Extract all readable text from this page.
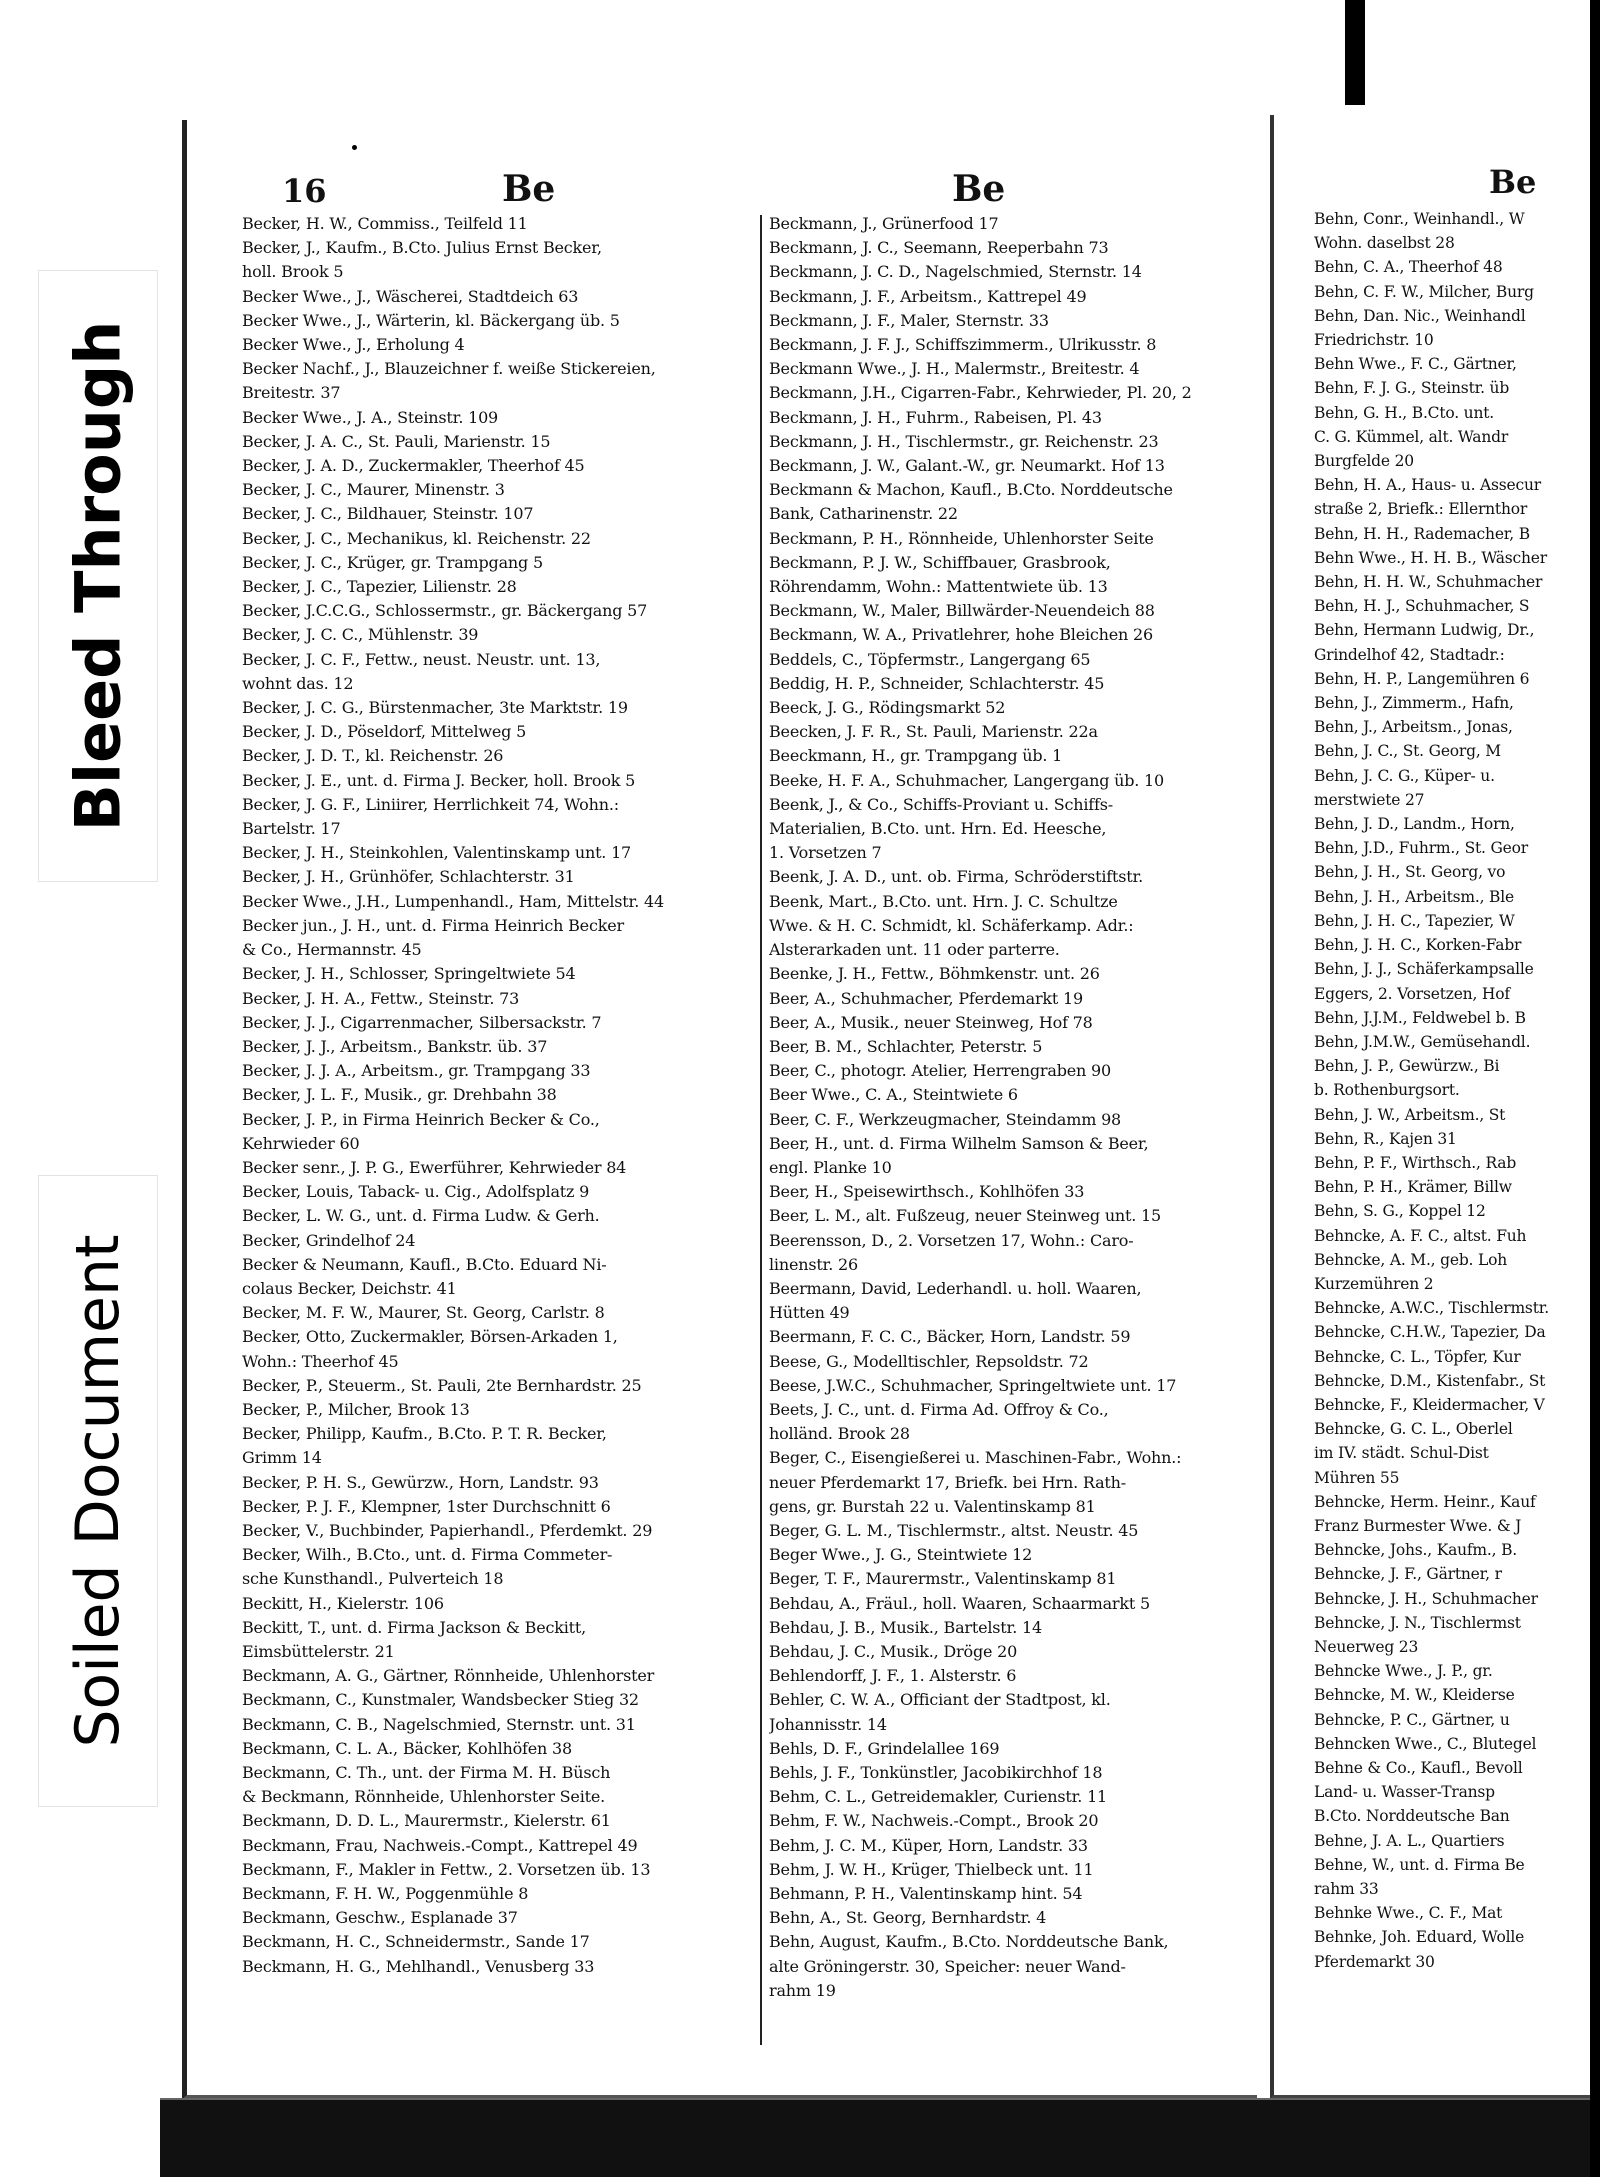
Bleed Through
Soiled Document
16	Be	Be
Becker, H. W., Commiss., Teilfeld 11
Becker, J., Kaufm., B.Cto. Julius Ernst Becker,
holl. Brook 5
Becker Wwe., J., Wäscherei, Stadtdeich 63
Becker Wwe., J., Wärterin, kl. Bäckergang üb. 5
Becker Wwe., J., Erholung 4
Becker Nachf., J., Blauzeichner f. weiße Stickereien,
Breitestr. 37
Becker Wwe., J. A., Steinstr. 109
Becker, J. A. C., St. Pauli, Marienstr. 15
Becker, J. A. D., Zuckermakler, Theerhof 45
Becker, J. C., Maurer, Minenstr. 3
Becker, J. C., Bildhauer, Steinstr. 107
Becker, J. C., Mechanikus, kl. Reichenstr. 22
Becker, J. C., Krüger, gr. Trampgang 5
Becker, J. C., Tapezier, Lilienstr. 28
Becker, J.C.C.G., Schlossermstr., gr. Bäckergang 57
Becker, J. C. C., Mühlenstr. 39
Becker, J. C. F., Fettw., neust. Neustr. unt. 13,
wohnt das. 12
Becker, J. C. G., Bürstenmacher, 3te Marktstr. 19
Becker, J. D., Pöseldorf, Mittelweg 5
Becker, J. D. T., kl. Reichenstr. 26
Becker, J. E., unt. d. Firma J. Becker, holl. Brook 5
Becker, J. G. F., Liniirer, Herrlichkeit 74, Wohn.:
Bartelstr. 17
Becker, J. H., Steinkohlen, Valentinskamp unt. 17
Becker, J. H., Grünhöfer, Schlachterstr. 31
Becker Wwe., J.H., Lumpenhandl., Ham, Mittelstr. 44
Becker jun., J. H., unt. d. Firma Heinrich Becker
& Co., Hermannstr. 45
Becker, J. H., Schlosser, Springeltwiete 54
Becker, J. H. A., Fettw., Steinstr. 73
Becker, J. J., Cigarrenmacher, Silbersackstr. 7
Becker, J. J., Arbeitsm., Bankstr. üb. 37
Becker, J. J. A., Arbeitsm., gr. Trampgang 33
Becker, J. L. F., Musik., gr. Drehbahn 38
Becker, J. P., in Firma Heinrich Becker & Co.,
Kehrwieder 60
Becker senr., J. P. G., Ewerführer, Kehrwieder 84
Becker, Louis, Taback- u. Cig., Adolfsplatz 9
Becker, L. W. G., unt. d. Firma Ludw. & Gerh.
Becker, Grindelhof 24
Becker & Neumann, Kaufl., B.Cto. Eduard Ni-
colaus Becker, Deichstr. 41
Becker, M. F. W., Maurer, St. Georg, Carlstr. 8
Becker, Otto, Zuckermakler, Börsen-Arkaden 1,
Wohn.: Theerhof 45
Becker, P., Steuerm., St. Pauli, 2te Bernhardstr. 25
Becker, P., Milcher, Brook 13
Becker, Philipp, Kaufm., B.Cto. P. T. R. Becker,
Grimm 14
Becker, P. H. S., Gewürzw., Horn, Landstr. 93
Becker, P. J. F., Klempner, 1ster Durchschnitt 6
Becker, V., Buchbinder, Papierhandl., Pferdemkt. 29
Becker, Wilh., B.Cto., unt. d. Firma Commeter-
sche Kunsthandl., Pulverteich 18
Beckitt, H., Kielerstr. 106
Beckitt, T., unt. d. Firma Jackson & Beckitt,
Eimsbüttelerstr. 21
Beckmann, A. G., Gärtner, Rönnheide, Uhlenhorster
Beckmann, C., Kunstmaler, Wandsbecker Stieg 32
Beckmann, C. B., Nagelschmied, Sternstr. unt. 31
Beckmann, C. L. A., Bäcker, Kohlhöfen 38
Beckmann, C. Th., unt. der Firma M. H. Büsch
& Beckmann, Rönnheide, Uhlenhorster Seite.
Beckmann, D. D. L., Maurermstr., Kielerstr. 61
Beckmann, Frau, Nachweis.-Compt., Kattrepel 49
Beckmann, F., Makler in Fettw., 2. Vorsetzen üb. 13
Beckmann, F. H. W., Poggenmühle 8
Beckmann, Geschw., Esplanade 37
Beckmann, H. C., Schneidermstr., Sande 17
Beckmann, H. G., Mehlhandl., Venusberg 33
Beckmann, J., Grünerfood 17
Beckmann, J. C., Seemann, Reeperbahn 73
Beckmann, J. C. D., Nagelschmied, Sternstr. 14
Beckmann, J. F., Arbeitsm., Kattrepel 49
Beckmann, J. F., Maler, Sternstr. 33
Beckmann, J. F. J., Schiffszimmerm., Ulrikusstr. 8
Beckmann Wwe., J. H., Malermstr., Breitestr. 4
Beckmann, J.H., Cigarren-Fabr., Kehrwieder, Pl. 20, 2
Beckmann, J. H., Fuhrm., Rabeisen, Pl. 43
Beckmann, J. H., Tischlermstr., gr. Reichenstr. 23
Beckmann, J. W., Galant.-W., gr. Neumarkt. Hof 13
Beckmann & Machon, Kaufl., B.Cto. Norddeutsche
Bank, Catharinenstr. 22
Beckmann, P. H., Rönnheide, Uhlenhorster Seite
Beckmann, P. J. W., Schiffbauer, Grasbrook,
Röhrendamm, Wohn.: Mattentwiete üb. 13
Beckmann, W., Maler, Billwärder-Neuendeich 88
Beckmann, W. A., Privatlehrer, hohe Bleichen 26
Beddels, C., Töpfermstr., Langergang 65
Beddig, H. P., Schneider, Schlachterstr. 45
Beeck, J. G., Rödingsmarkt 52
Beecken, J. F. R., St. Pauli, Marienstr. 22a
Beeckmann, H., gr. Trampgang üb. 1
Beeke, H. F. A., Schuhmacher, Langergang üb. 10
Beenk, J., & Co., Schiffs-Proviant u. Schiffs-
Materialien, B.Cto. unt. Hrn. Ed. Heesche,
1. Vorsetzen 7
Beenk, J. A. D., unt. ob. Firma, Schröderstiftstr.
Beenk, Mart., B.Cto. unt. Hrn. J. C. Schultze
Wwe. & H. C. Schmidt, kl. Schäferkamp. Adr.:
Alsterarkaden unt. 11 oder parterre.
Beenke, J. H., Fettw., Böhmkenstr. unt. 26
Beer, A., Schuhmacher, Pferdemarkt 19
Beer, A., Musik., neuer Steinweg, Hof 78
Beer, B. M., Schlachter, Peterstr. 5
Beer, C., photogr. Atelier, Herrengraben 90
Beer Wwe., C. A., Steintwiete 6
Beer, C. F., Werkzeugmacher, Steindamm 98
Beer, H., unt. d. Firma Wilhelm Samson & Beer,
engl. Planke 10
Beer, H., Speisewirthsch., Kohlhöfen 33
Beer, L. M., alt. Fußzeug, neuer Steinweg unt. 15
Beerensson, D., 2. Vorsetzen 17, Wohn.: Caro-
linenstr. 26
Beermann, David, Lederhandl. u. holl. Waaren,
Hütten 49
Beermann, F. C. C., Bäcker, Horn, Landstr. 59
Beese, G., Modelltischler, Repsoldstr. 72
Beese, J.W.C., Schuhmacher, Springeltwiete unt. 17
Beets, J. C., unt. d. Firma Ad. Offroy & Co.,
holländ. Brook 28
Beger, C., Eisengießerei u. Maschinen-Fabr., Wohn.:
neuer Pferdemarkt 17, Briefk. bei Hrn. Rath-
gens, gr. Burstah 22 u. Valentinskamp 81
Beger, G. L. M., Tischlermstr., altst. Neustr. 45
Beger Wwe., J. G., Steintwiete 12
Beger, T. F., Maurermstr., Valentinskamp 81
Behdau, A., Fräul., holl. Waaren, Schaarmarkt 5
Behdau, J. B., Musik., Bartelstr. 14
Behdau, J. C., Musik., Dröge 20
Behlendorff, J. F., 1. Alsterstr. 6
Behler, C. W. A., Officiant der Stadtpost, kl.
Johannisstr. 14
Behls, D. F., Grindelallee 169
Behls, J. F., Tonkünstler, Jacobikirchhof 18
Behm, C. L., Getreidemakler, Curienstr. 11
Behm, F. W., Nachweis.-Compt., Brook 20
Behm, J. C. M., Küper, Horn, Landstr. 33
Behm, J. W. H., Krüger, Thielbeck unt. 11
Behmann, P. H., Valentinskamp hint. 54
Behn, A., St. Georg, Bernhardstr. 4
Behn, August, Kaufm., B.Cto. Norddeutsche Bank,
alte Gröningerstr. 30, Speicher: neuer Wand-
rahm 19
Be
Behn, Conr., Weinhandl., W
Wohn. daselbst 28
Behn, C. A., Theerhof 48
Behn, C. F. W., Milcher, Burg
Behn, Dan. Nic., Weinhandl
Friedrichstr. 10
Behn Wwe., F. C., Gärtner,
Behn, F. J. G., Steinstr. üb
Behn, G. H., B.Cto. unt.
C. G. Kümmel, alt. Wandr
Burgfelde 20
Behn, H. A., Haus- u. Assecur
straße 2, Briefk.: Ellernthor
Behn, H. H., Rademacher, B
Behn Wwe., H. H. B., Wäscher
Behn, H. H. W., Schuhmacher
Behn, H. J., Schuhmacher, S
Behn, Hermann Ludwig, Dr.,
Grindelhof 42, Stadtadr.:
Behn, H. P., Langemühren 6
Behn, J., Zimmerm., Hafn,
Behn, J., Arbeitsm., Jonas,
Behn, J. C., St. Georg, M
Behn, J. C. G., Küper- u.
merstwiete 27
Behn, J. D., Landm., Horn,
Behn, J.D., Fuhrm., St. Geor
Behn, J. H., St. Georg, vo
Behn, J. H., Arbeitsm., Ble
Behn, J. H. C., Tapezier, W
Behn, J. H. C., Korken-Fabr
Behn, J. J., Schäferkampsalle
Eggers, 2. Vorsetzen, Hof
Behn, J.J.M., Feldwebel b. B
Behn, J.M.W., Gemüsehandl.
Behn, J. P., Gewürzw., Bi
b. Rothenburgsort.
Behn, J. W., Arbeitsm., St
Behn, R., Kajen 31
Behn, P. F., Wirthsch., Rab
Behn, P. H., Krämer, Billw
Behn, S. G., Koppel 12
Behncke, A. F. C., altst. Fuh
Behncke, A. M., geb. Loh
Kurzemühren 2
Behncke, A.W.C., Tischlermstr.
Behncke, C.H.W., Tapezier, Da
Behncke, C. L., Töpfer, Kur
Behncke, D.M., Kistenfabr., St
Behncke, F., Kleidermacher, V
Behncke, G. C. L., Oberlel
im IV. städt. Schul-Dist
Mühren 55
Behncke, Herm. Heinr., Kauf
Franz Burmester Wwe. & J
Behncke, Johs., Kaufm., B.
Behncke, J. F., Gärtner, r
Behncke, J. H., Schuhmacher
Behncke, J. N., Tischlermst
Neuerweg 23
Behncke Wwe., J. P., gr.
Behncke, M. W., Kleiderse
Behncke, P. C., Gärtner, u
Behncken Wwe., C., Blutegel
Behne & Co., Kaufl., Bevoll
Land- u. Wasser-Transp
B.Cto. Norddeutsche Ban
Behne, J. A. L., Quartiers
Behne, W., unt. d. Firma Be
rahm 33
Behnke Wwe., C. F., Mat
Behnke, Joh. Eduard, Wolle
Pferdemarkt 30
